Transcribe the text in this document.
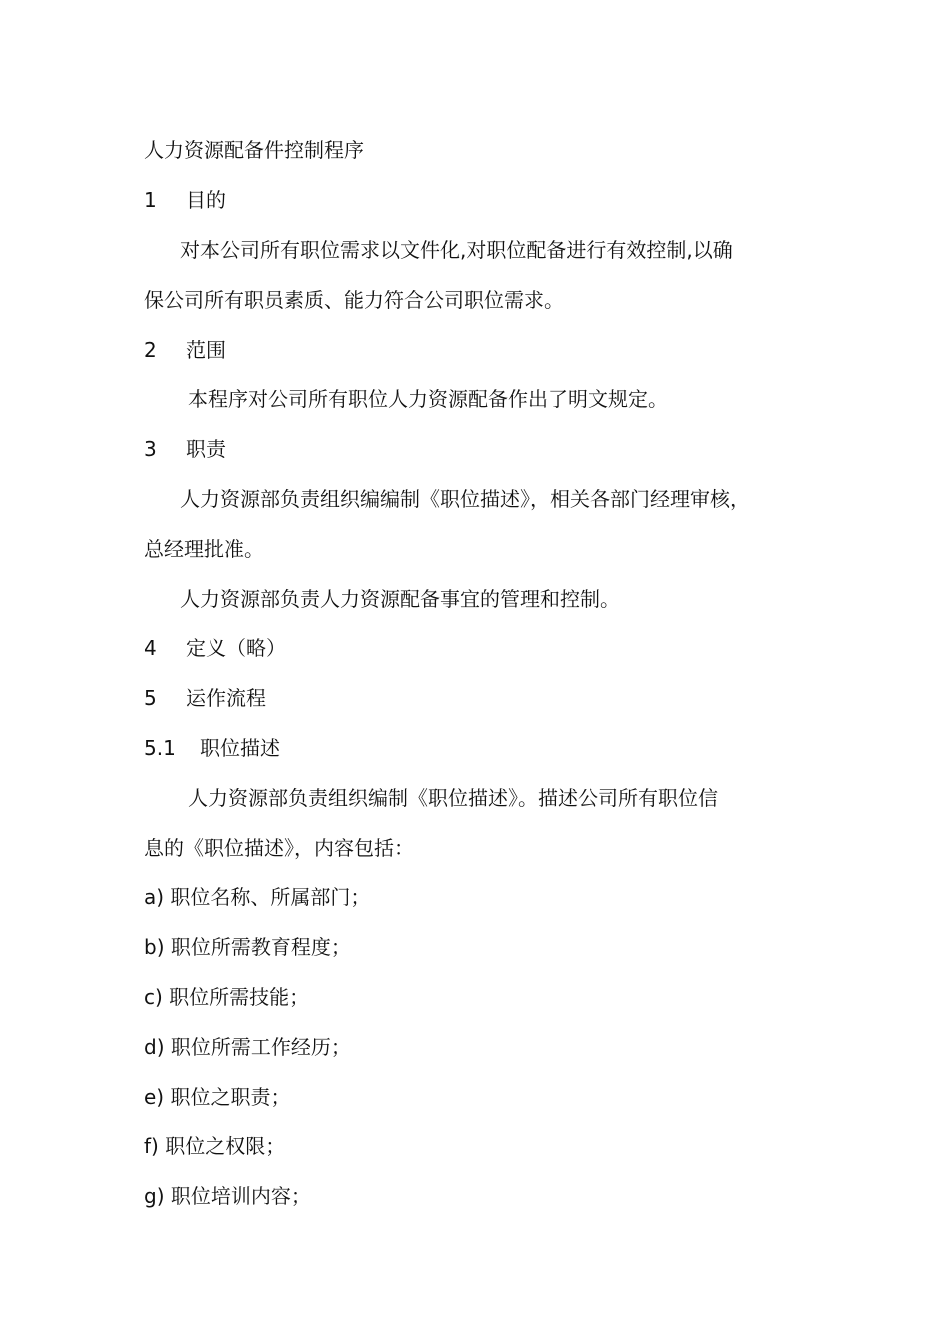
人力资源配备件控制程序
1 目的
对本公司所有职位需求以文件化,对职位配备进行有效控制,以确
保公司所有职员素质、能力符合公司职位需求。
2 范围
本程序对公司所有职位人力资源配备作出了明文规定。
3 职责
人力资源部负责组织编编制《职位描述》，相关各部门经理审核，
总经理批准。
人力资源部负责人力资源配备事宜的管理和控制。
4 定义（略）
5 运作流程
5.1 职位描述
人力资源部负责组织编制《职位描述》。描述公司所有职位信
息的《职位描述》，内容包括：
a) 职位名称、所属部门；
b) 职位所需教育程度；
c) 职位所需技能；
d) 职位所需工作经历；
e) 职位之职责；
f) 职位之权限；
g) 职位培训内容；
